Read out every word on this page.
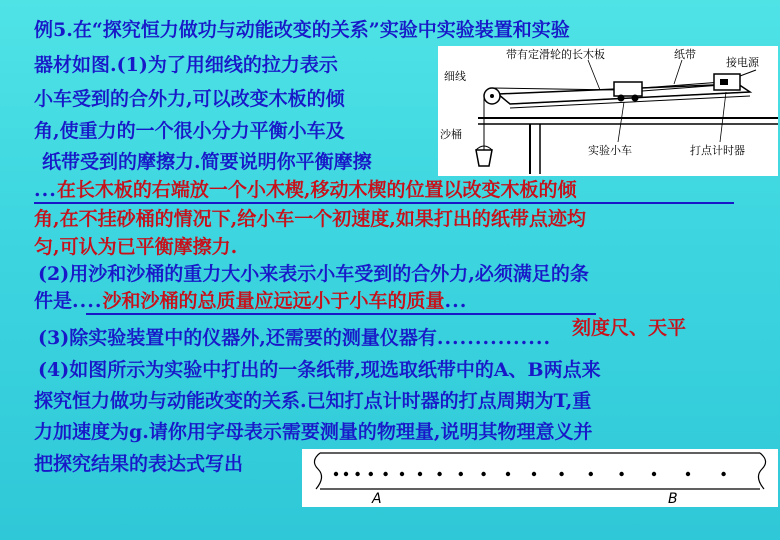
例5.在“探究恒力做功与动能改变的关系”实验中实验装置和实验
器材如图.(1)为了用细线的拉力表示
小车受到的合外力,可以改变木板的倾
角,使重力的一个很小分力平衡小车及
纸带受到的摩擦力.简要说明你平衡摩擦
...在长木板的右端放一个小木楔,移动木楔的位置以改变木板的倾
角,在不挂砂桶的情况下,给小车一个初速度,如果打出的纸带点迹均
匀,可认为已平衡摩擦力.
(2)用沙和沙桶的重力大小来表示小车受到的合外力,必须满足的条
件是....沙和沙桶的总质量应远远小于小车的质量...
刻度尺、天平
(3)除实验装置中的仪器外,还需要的测量仪器有...............
(4)如图所示为实验中打出的一条纸带,现选取纸带中的A、B两点来
探究恒力做功与动能改变的关系.已知打点计时器的打点周期为T,重
力加速度为g.请你用字母表示需要测量的物理量,说明其物理意义并
把探究结果的表达式写出
带有定滑轮的长木板	纸带
接电源
细线
沙桶
实验小车	打点计时器
A	B
